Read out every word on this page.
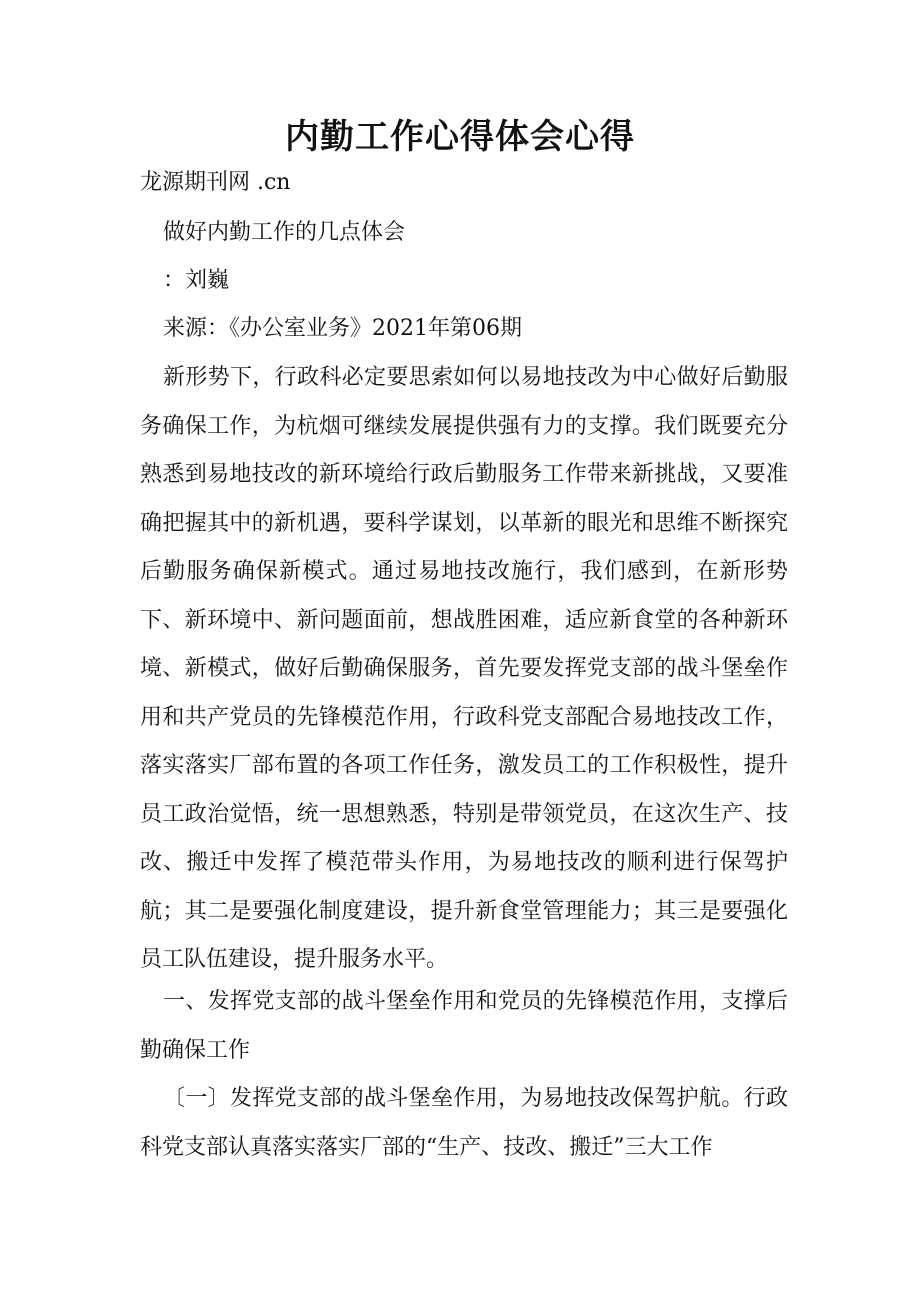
内勤工作心得体会心得
龙源期刊网 .cn
做好内勤工作的几点体会
：刘巍
来源：《办公室业务》2021年第06期

新形势下，行政科必定要思索如何以易地技改为中心做好后勤服务确保工作，为杭烟可继续发展提供强有力的支撑。我们既要充分熟悉到易地技改的新环境给行政后勤服务工作带来新挑战，又要准确把握其中的新机遇，要科学谋划，以革新的眼光和思维不断探究后勤服务确保新模式。通过易地技改施行，我们感到，在新形势下、新环境中、新问题面前，想战胜困难，适应新食堂的各种新环境、新模式，做好后勤确保服务，首先要发挥党支部的战斗堡垒作用和共产党员的先锋模范作用，行政科党支部配合易地技改工作，落实落实厂部布置的各项工作任务，激发员工的工作积极性，提升员工政治觉悟，统一思想熟悉，特别是带领党员，在这次生产、技改、搬迁中发挥了模范带头作用，为易地技改的顺利进行保驾护航；其二是要强化制度建设，提升新食堂管理能力；其三是要强化员工队伍建设，提升服务水平。

一、发挥党支部的战斗堡垒作用和党员的先锋模范作用，支撑后勤确保工作

〔一〕发挥党支部的战斗堡垒作用，为易地技改保驾护航。行政科党支部认真落实落实厂部的“生产、技改、搬迁”三大工作
